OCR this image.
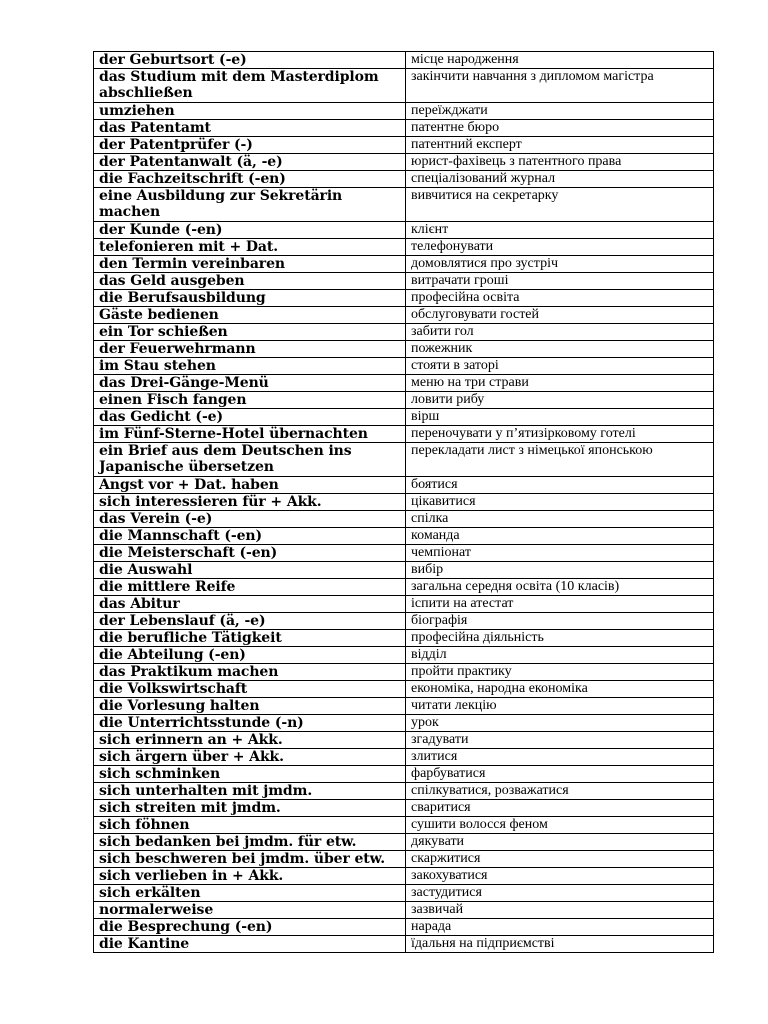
der Geburtsort (-e)	місце народження
das Studium mit dem Masterdiplom abschließen	закінчити навчання з дипломом магістра
umziehen	переїжджати
das Patentamt	патентне бюро
der Patentprüfer (-)	патентний експерт
der Patentanwalt (ä, -e)	юрист-фахівець з патентного права
die Fachzeitschrift (-en)	спеціалізований журнал
eine Ausbildung zur Sekretärin machen	вивчитися на секретарку
der Kunde (-en)	клієнт
telefonieren mit + Dat.	телефонувати
den Termin vereinbaren	домовлятися про зустріч
das Geld ausgeben	витрачати гроші
die Berufsausbildung	професійна освіта
Gäste bedienen	обслуговувати гостей
ein Tor schießen	забити гол
der Feuerwehrmann	пожежник
im Stau stehen	стояти в заторі
das Drei-Gänge-Menü	меню на три страви
einen Fisch fangen	ловити рибу
das Gedicht (-e)	вірш
im Fünf-Sterne-Hotel übernachten	переночувати у п’ятизірковому готелі
ein Brief aus dem Deutschen ins Japanische übersetzen	перекладати лист з німецької японською
Angst vor + Dat. haben	боятися
sich interessieren für + Akk.	цікавитися
das Verein (-e)	спілка
die Mannschaft (-en)	команда
die Meisterschaft (-en)	чемпіонат
die Auswahl	вибір
die mittlere Reife	загальна середня освіта (10 класів)
das Abitur	іспити на атестат
der Lebenslauf (ä, -e)	біографія
die berufliche Tätigkeit	професійна діяльність
die Abteilung (-en)	відділ
das Praktikum machen	пройти практику
die Volkswirtschaft	економіка, народна економіка
die Vorlesung halten	читати лекцію
die Unterrichtsstunde (-n)	урок
sich erinnern an + Akk.	згадувати
sich ärgern über + Akk.	злитися
sich schminken	фарбуватися
sich unterhalten mit jmdm.	спілкуватися, розважатися
sich streiten mit jmdm.	сваритися
sich föhnen	сушити волосся феном
sich bedanken bei jmdm. für etw.	дякувати
sich beschweren bei jmdm. über etw.	скаржитися
sich verlieben in + Akk.	закохуватися
sich erkälten	застудитися
normalerweise	зазвичай
die Besprechung (-en)	нарада
die Kantine	їдальня на підприємстві
